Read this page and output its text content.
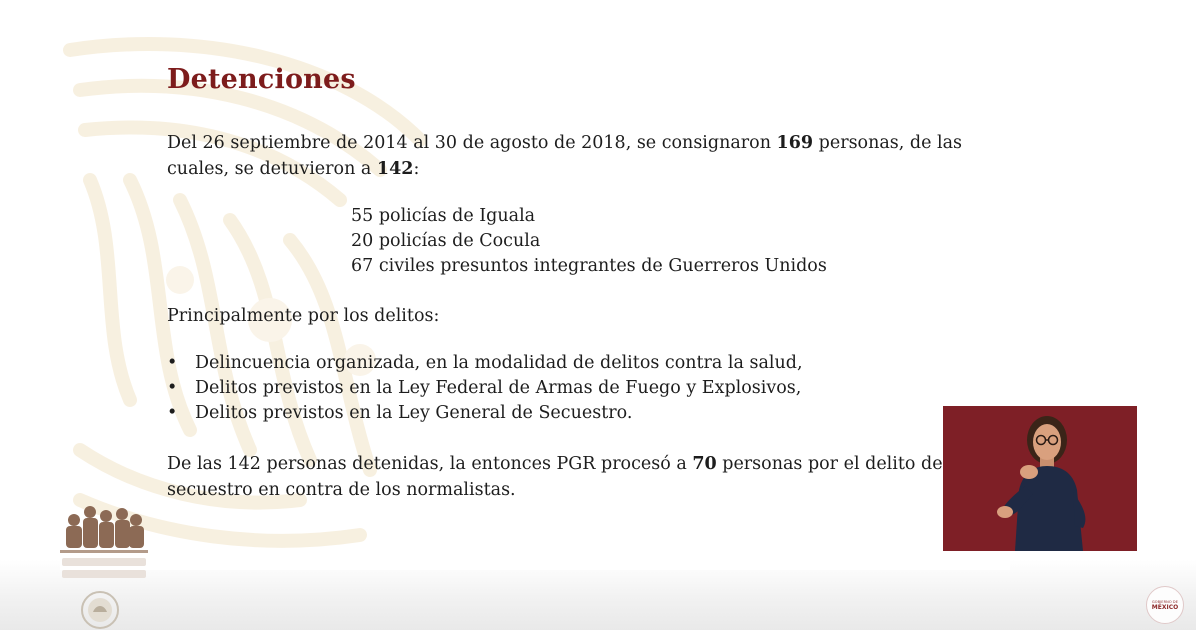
Detenciones

Del 26 septiembre de 2014 al 30 de agosto de 2018, se consignaron 169 personas, de las cuales, se detuvieron a 142:

55 policías de Iguala
20 policías de Cocula
67 civiles presuntos integrantes de Guerreros Unidos

Principalmente por los delitos:

• Delincuencia organizada, en la modalidad de delitos contra la salud,
• Delitos previstos en la Ley Federal de Armas de Fuego y Explosivos,
• Delitos previstos en la Ley General de Secuestro.

De las 142 personas detenidas, la entonces PGR procesó a 70 personas por el delito de secuestro en contra de los normalistas.

GOBIERNO DE
MÉXICO
